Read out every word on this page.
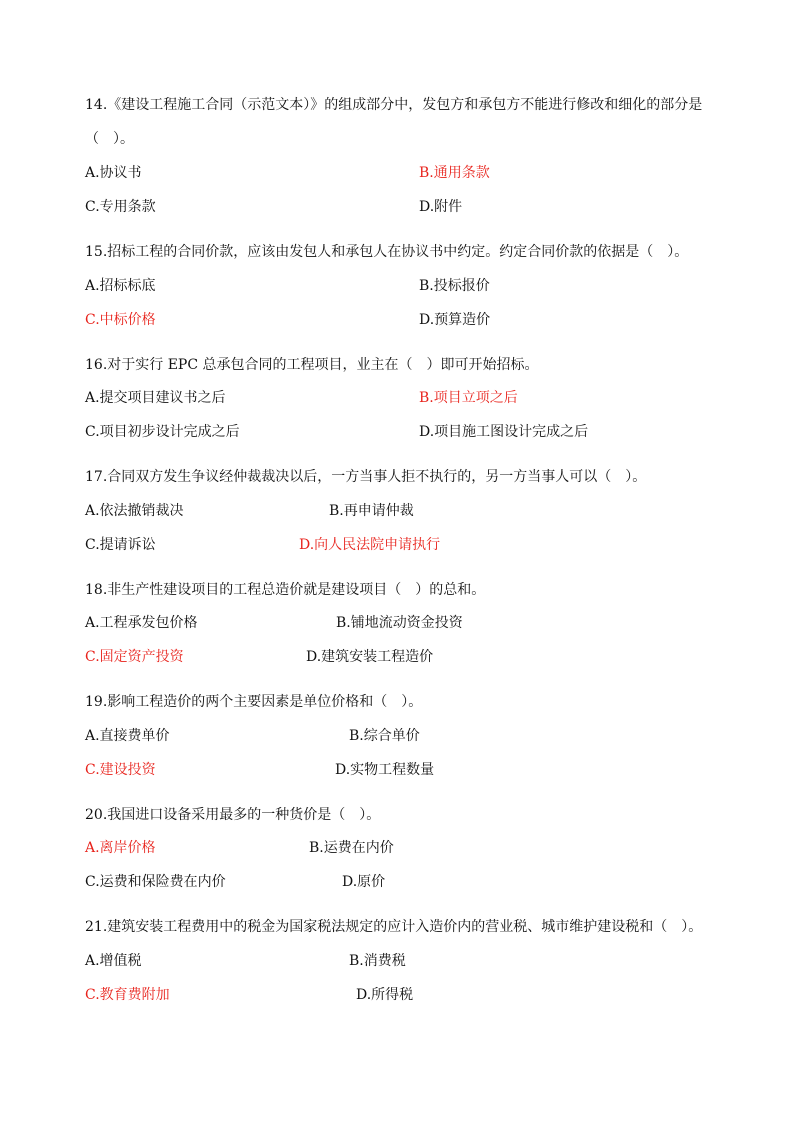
14.《建设工程施工合同（示范文本）》的组成部分中，发包方和承包方不能进行修改和细化的部分是
（　）。
A.协议书	B.通用条款
C.专用条款	D.附件
15.招标工程的合同价款，应该由发包人和承包人在协议书中约定。约定合同价款的依据是（　）。
A.招标标底	B.投标报价
C.中标价格	D.预算造价
16.对于实行 EPC 总承包合同的工程项目，业主在（　）即可开始招标。
A.提交项目建议书之后	B.项目立项之后
C.项目初步设计完成之后	D.项目施工图设计完成之后
17.合同双方发生争议经仲裁裁决以后，一方当事人拒不执行的，另一方当事人可以（　）。
A.依法撤销裁决	B.再申请仲裁
C.提请诉讼	D.向人民法院申请执行
18.非生产性建设项目的工程总造价就是建设项目（　）的总和。
A.工程承发包价格	B.铺地流动资金投资
C.固定资产投资	D.建筑安装工程造价
19.影响工程造价的两个主要因素是单位价格和（　）。
A.直接费单价	B.综合单价
C.建设投资	D.实物工程数量
20.我国进口设备采用最多的一种货价是（　）。
A.离岸价格	B.运费在内价
C.运费和保险费在内价	D.原价
21.建筑安装工程费用中的税金为国家税法规定的应计入造价内的营业税、城市维护建设税和（　）。
A.增值税	B.消费税
C.教育费附加	D.所得税
